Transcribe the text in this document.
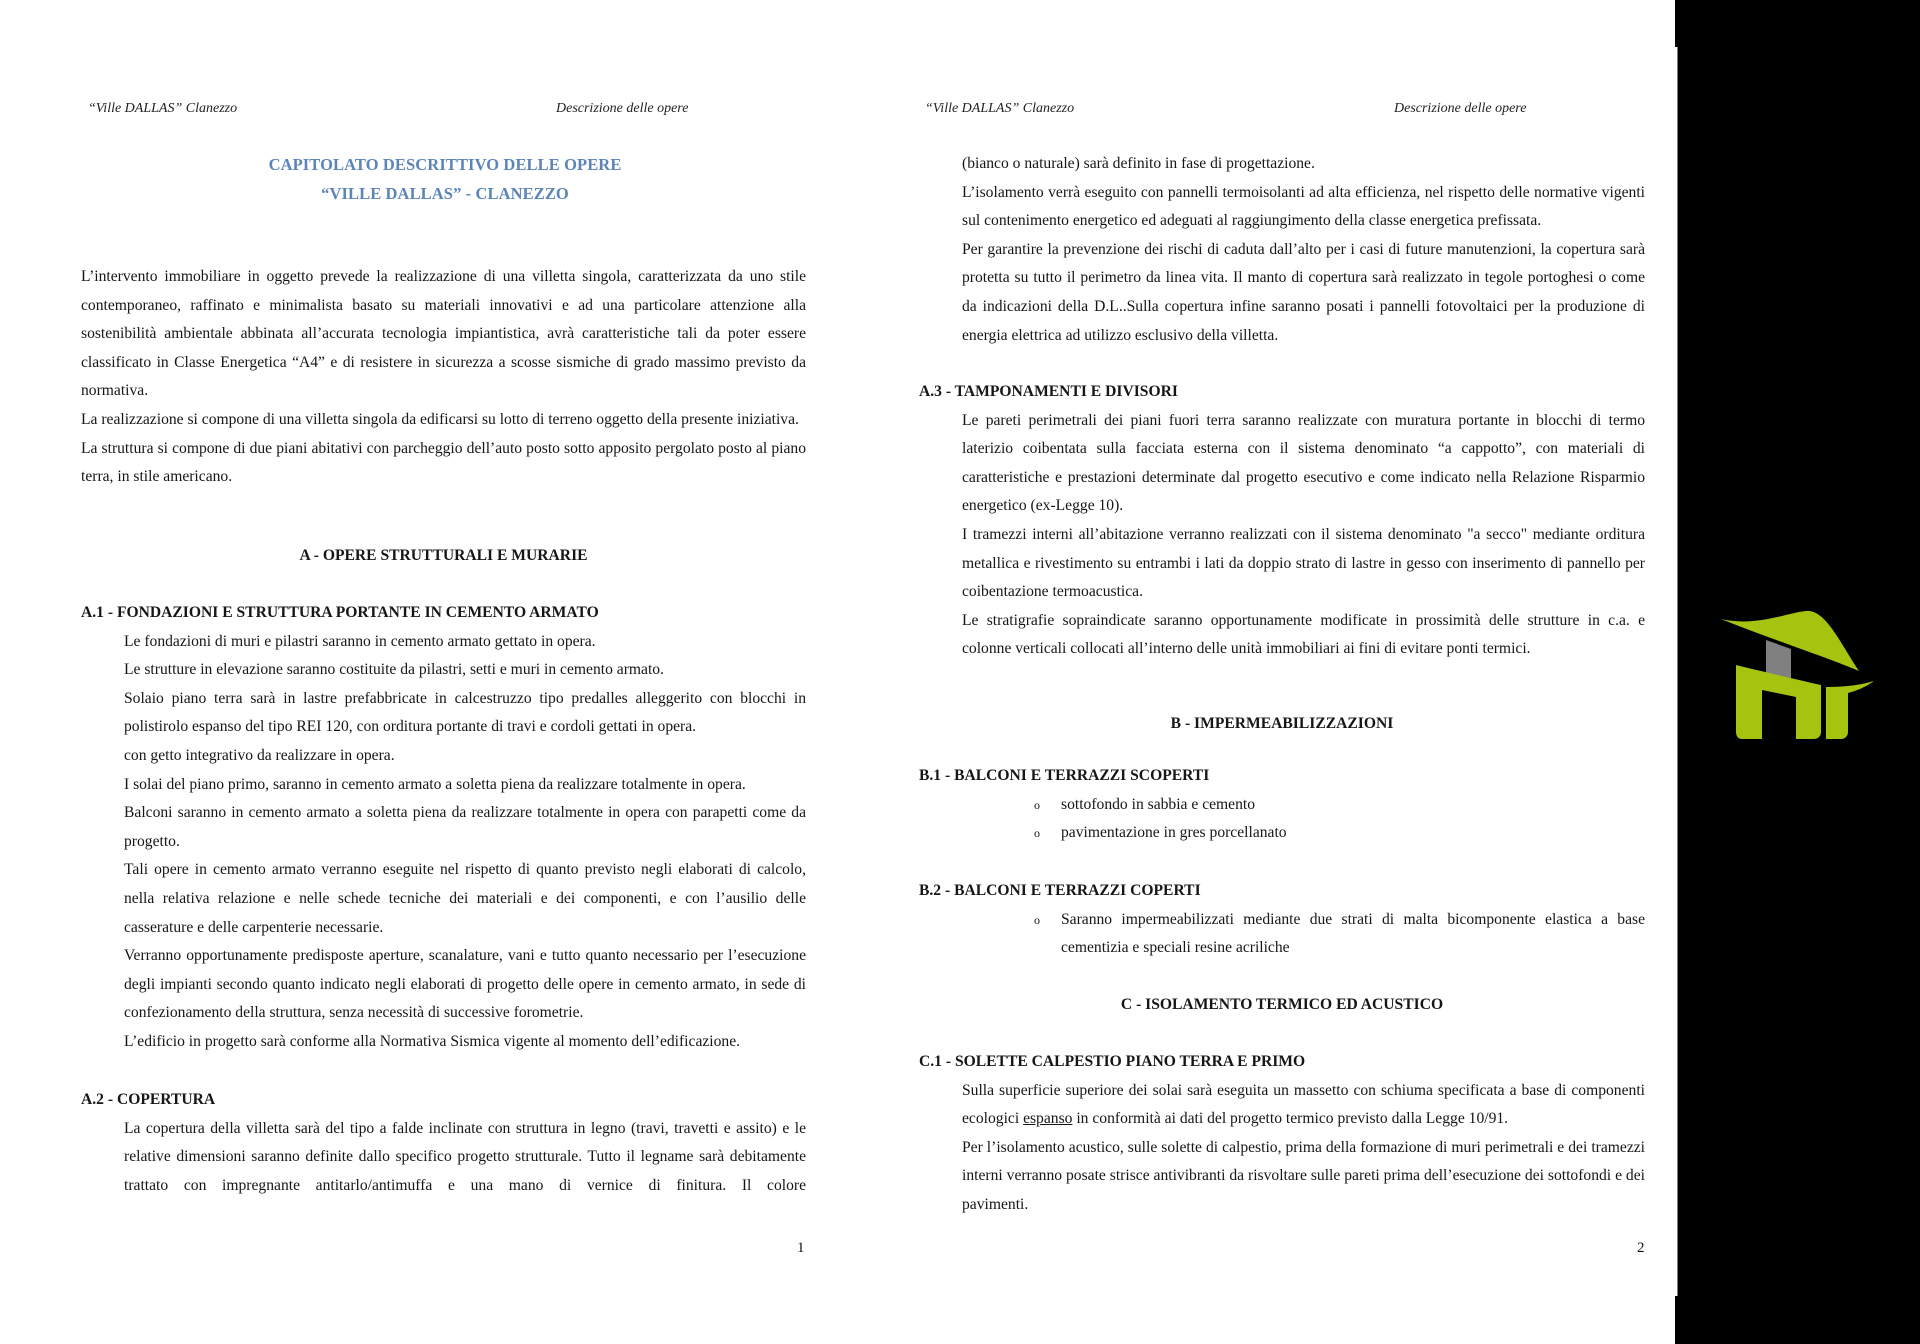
“Ville DALLAS” Clanezzo	Descrizione delle opere
CAPITOLATO DESCRITTIVO DELLE OPERE
“VILLE DALLAS” - CLANEZZO

L’intervento immobiliare in oggetto prevede la realizzazione di una villetta singola, caratterizzata da uno stile contemporaneo, raffinato e minimalista basato su materiali innovativi e ad una particolare attenzione alla sostenibilità ambientale abbinata all’accurata tecnologia impiantistica, avrà caratteristiche tali da poter essere classificato in Classe Energetica “A4” e di resistere in sicurezza a scosse sismiche di grado massimo previsto da normativa.

La realizzazione si compone di una villetta singola da edificarsi su lotto di terreno oggetto della presente iniziativa.

La struttura si compone di due piani abitativi con parcheggio dell’auto posto sotto apposito pergolato posto al piano terra, in stile americano.

A - OPERE STRUTTURALI E MURARIE
A.1 - FONDAZIONI E STRUTTURA PORTANTE IN CEMENTO ARMATO

Le fondazioni di muri e pilastri saranno in cemento armato gettato in opera.

Le strutture in elevazione saranno costituite da pilastri, setti e muri in cemento armato.

Solaio piano terra sarà in lastre prefabbricate in calcestruzzo tipo predalles alleggerito con blocchi in polistirolo espanso del tipo REI 120, con orditura portante di travi e cordoli gettati in opera.

con getto integrativo da realizzare in opera.

I solai del piano primo, saranno in cemento armato a soletta piena da realizzare totalmente in opera.

Balconi saranno in cemento armato a soletta piena da realizzare totalmente in opera con parapetti come da progetto.

Tali opere in cemento armato verranno eseguite nel rispetto di quanto previsto negli elaborati di calcolo, nella relativa relazione e nelle schede tecniche dei materiali e dei componenti, e con l’ausilio delle casserature e delle carpenterie necessarie.

Verranno opportunamente predisposte aperture, scanalature, vani e tutto quanto necessario per l’esecuzione degli impianti secondo quanto indicato negli elaborati di progetto delle opere in cemento armato, in sede di confezionamento della struttura, senza necessità di successive forometrie.

L’edificio in progetto sarà conforme alla Normativa Sismica vigente al momento dell’edificazione.

A.2 - COPERTURA

La copertura della villetta sarà del tipo a falde inclinate con struttura in legno (travi, travetti e assito) e le relative dimensioni saranno definite dallo specifico progetto strutturale. Tutto il legname sarà debitamente trattato con impregnante antitarlo/antimuffa e una mano di vernice di finitura. Il colore

1
“Ville DALLAS” Clanezzo	Descrizione delle opere

(bianco o naturale) sarà definito in fase di progettazione.

L’isolamento verrà eseguito con pannelli termoisolanti ad alta efficienza, nel rispetto delle normative vigenti sul contenimento energetico ed adeguati al raggiungimento della classe energetica prefissata.

Per garantire la prevenzione dei rischi di caduta dall’alto per i casi di future manutenzioni, la copertura sarà protetta su tutto il perimetro da linea vita. Il manto di copertura sarà realizzato in tegole portoghesi o come da indicazioni della D.L..Sulla copertura infine saranno posati i pannelli fotovoltaici per la produzione di energia elettrica ad utilizzo esclusivo della villetta.

A.3 - TAMPONAMENTI E DIVISORI

Le pareti perimetrali dei piani fuori terra saranno realizzate con muratura portante in blocchi di termo laterizio coibentata sulla facciata esterna con il sistema denominato “a cappotto”, con materiali di caratteristiche e prestazioni determinate dal progetto esecutivo e come indicato nella Relazione Risparmio energetico (ex-Legge 10).

I tramezzi interni all’abitazione verranno realizzati con il sistema denominato "a secco" mediante orditura metallica e rivestimento su entrambi i lati da doppio strato di lastre in gesso con inserimento di pannello per coibentazione termoacustica.

Le stratigrafie sopraindicate saranno opportunamente modificate in prossimità delle strutture in c.a. e colonne verticali collocati all’interno delle unità immobiliari ai fini di evitare ponti termici.

B - IMPERMEABILIZZAZIONI
B.1 - BALCONI E TERRAZZI SCOPERTI
o	sottofondo in sabbia e cemento
o	pavimentazione in gres porcellanato
B.2 - BALCONI E TERRAZZI COPERTI
o	Saranno impermeabilizzati mediante due strati di malta bicomponente elastica a base cementizia e speciali resine acriliche
C - ISOLAMENTO TERMICO ED ACUSTICO
C.1 - SOLETTE CALPESTIO PIANO TERRA E PRIMO

Sulla superficie superiore dei solai sarà eseguita un massetto con schiuma specificata a base di componenti ecologici espanso in conformità ai dati del progetto termico previsto dalla Legge 10/91.

Per l’isolamento acustico, sulle solette di calpestio, prima della formazione di muri perimetrali e dei tramezzi interni verranno posate strisce antivibranti da risvoltare sulle pareti prima dell’esecuzione dei sottofondi e dei pavimenti.

2
